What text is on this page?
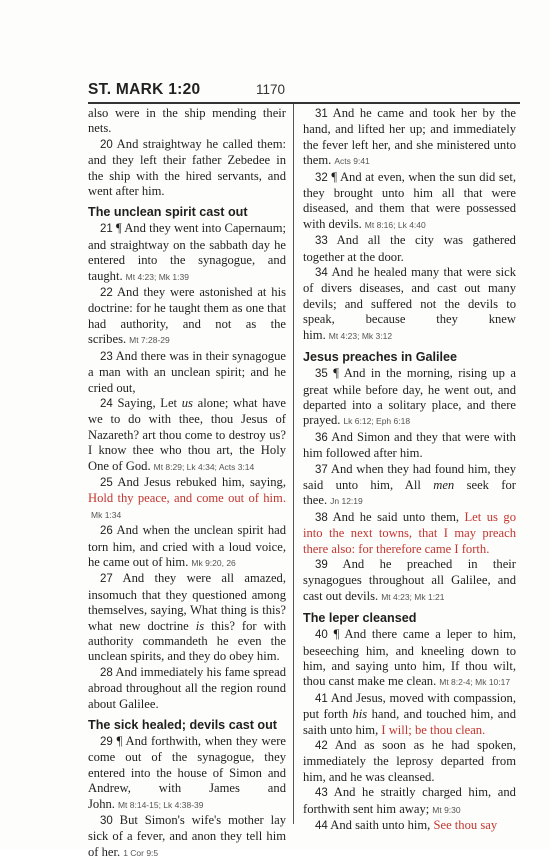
ST. MARK 1:20	1170

also were in the ship mending their nets.

20 And straightway he called them: and they left their father Zebedee in the ship with the hired servants, and went after him.

The unclean spirit cast out

21 ¶ And they went into Capernaum; and straightway on the sabbath day he entered into the synagogue, and taught. Mt 4:23; Mk 1:39

22 And they were astonished at his doctrine: for he taught them as one that had authority, and not as the scribes. Mt 7:28-29

23 And there was in their synagogue a man with an unclean spirit; and he cried out,

24 Saying, Let us alone; what have we to do with thee, thou Jesus of Nazareth? art thou come to destroy us? I know thee who thou art, the Holy One of God. Mt 8:29; Lk 4:34; Acts 3:14

25 And Jesus rebuked him, saying, Hold thy peace, and come out of him. Mk 1:34

26 And when the unclean spirit had torn him, and cried with a loud voice, he came out of him. Mk 9:20, 26

27 And they were all amazed, insomuch that they questioned among themselves, saying, What thing is this? what new doctrine is this? for with authority commandeth he even the unclean spirits, and they do obey him.

28 And immediately his fame spread abroad throughout all the region round about Galilee.

The sick healed; devils cast out

29 ¶ And forthwith, when they were come out of the synagogue, they entered into the house of Simon and Andrew, with James and John. Mt 8:14-15; Lk 4:38-39

30 But Simon's wife's mother lay sick of a fever, and anon they tell him of her. 1 Cor 9:5

31 And he came and took her by the hand, and lifted her up; and immediately the fever left her, and she ministered unto them. Acts 9:41

32 ¶ And at even, when the sun did set, they brought unto him all that were diseased, and them that were possessed with devils. Mt 8:16; Lk 4:40

33 And all the city was gathered together at the door.

34 And he healed many that were sick of divers diseases, and cast out many devils; and suffered not the devils to speak, because they knew him. Mt 4:23; Mk 3:12

Jesus preaches in Galilee

35 ¶ And in the morning, rising up a great while before day, he went out, and departed into a solitary place, and there prayed. Lk 6:12; Eph 6:18

36 And Simon and they that were with him followed after him.

37 And when they had found him, they said unto him, All men seek for thee. Jn 12:19

38 And he said unto them, Let us go into the next towns, that I may preach there also: for therefore came I forth.

39 And he preached in their synagogues throughout all Galilee, and cast out devils. Mt 4:23; Mk 1:21

The leper cleansed

40 ¶ And there came a leper to him, beseeching him, and kneeling down to him, and saying unto him, If thou wilt, thou canst make me clean. Mt 8:2-4; Mk 10:17

41 And Jesus, moved with compassion, put forth his hand, and touched him, and saith unto him, I will; be thou clean.

42 And as soon as he had spoken, immediately the leprosy departed from him, and he was cleansed.

43 And he straitly charged him, and forthwith sent him away; Mt 9:30

44 And saith unto him, See thou say
